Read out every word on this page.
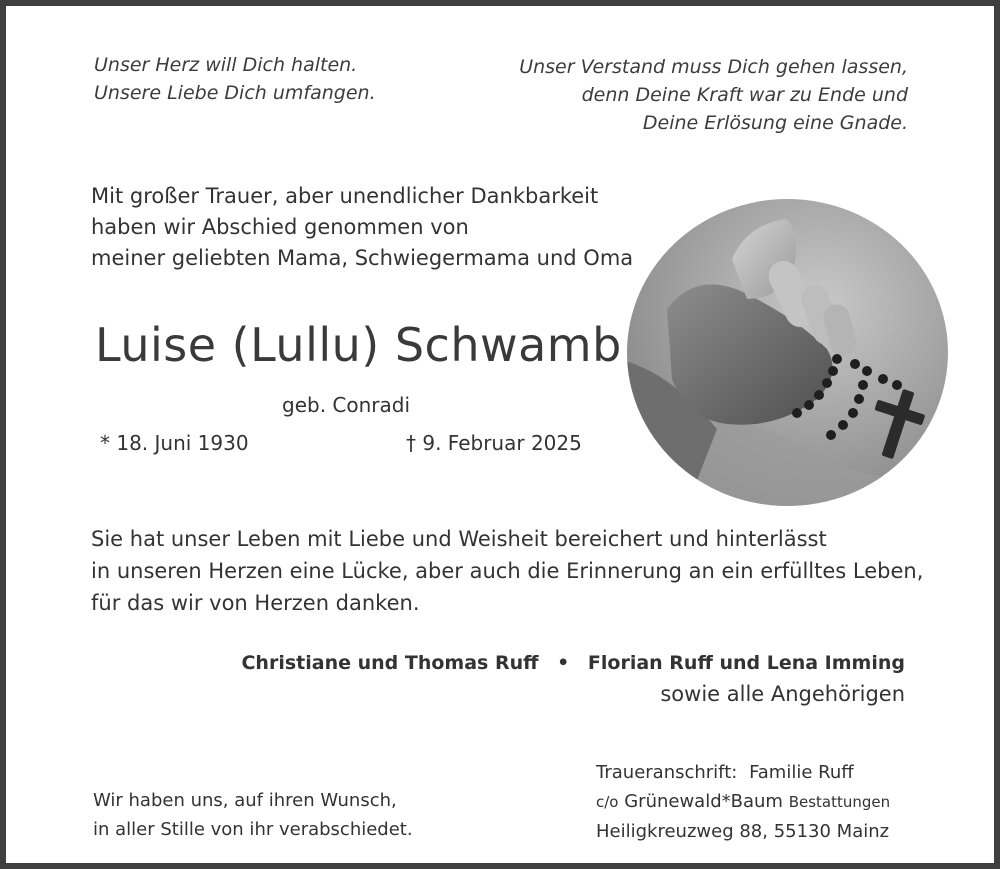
Unser Herz will Dich halten.
Unsere Liebe Dich umfangen.
Unser Verstand muss Dich gehen lassen,
denn Deine Kraft war zu Ende und
Deine Erlösung eine Gnade.
Mit großer Trauer, aber unendlicher Dankbarkeit
haben wir Abschied genommen von
meiner geliebten Mama, Schwiegermama und Oma
Luise (Lullu) Schwamb
geb. Conradi
* 18. Juni 1930	† 9. Februar 2025
Sie hat unser Leben mit Liebe und Weisheit bereichert und hinterlässt
in unseren Herzen eine Lücke, aber auch die Erinnerung an ein erfülltes Leben,
für das wir von Herzen danken.
Christiane und Thomas Ruff • Florian Ruff und Lena Imming
sowie alle Angehörigen
Wir haben uns, auf ihren Wunsch,
in aller Stille von ihr verabschiedet.
Traueranschrift: Familie Ruff
c/o Grünewald*Baum Bestattungen
Heiligkreuzweg 88, 55130 Mainz
